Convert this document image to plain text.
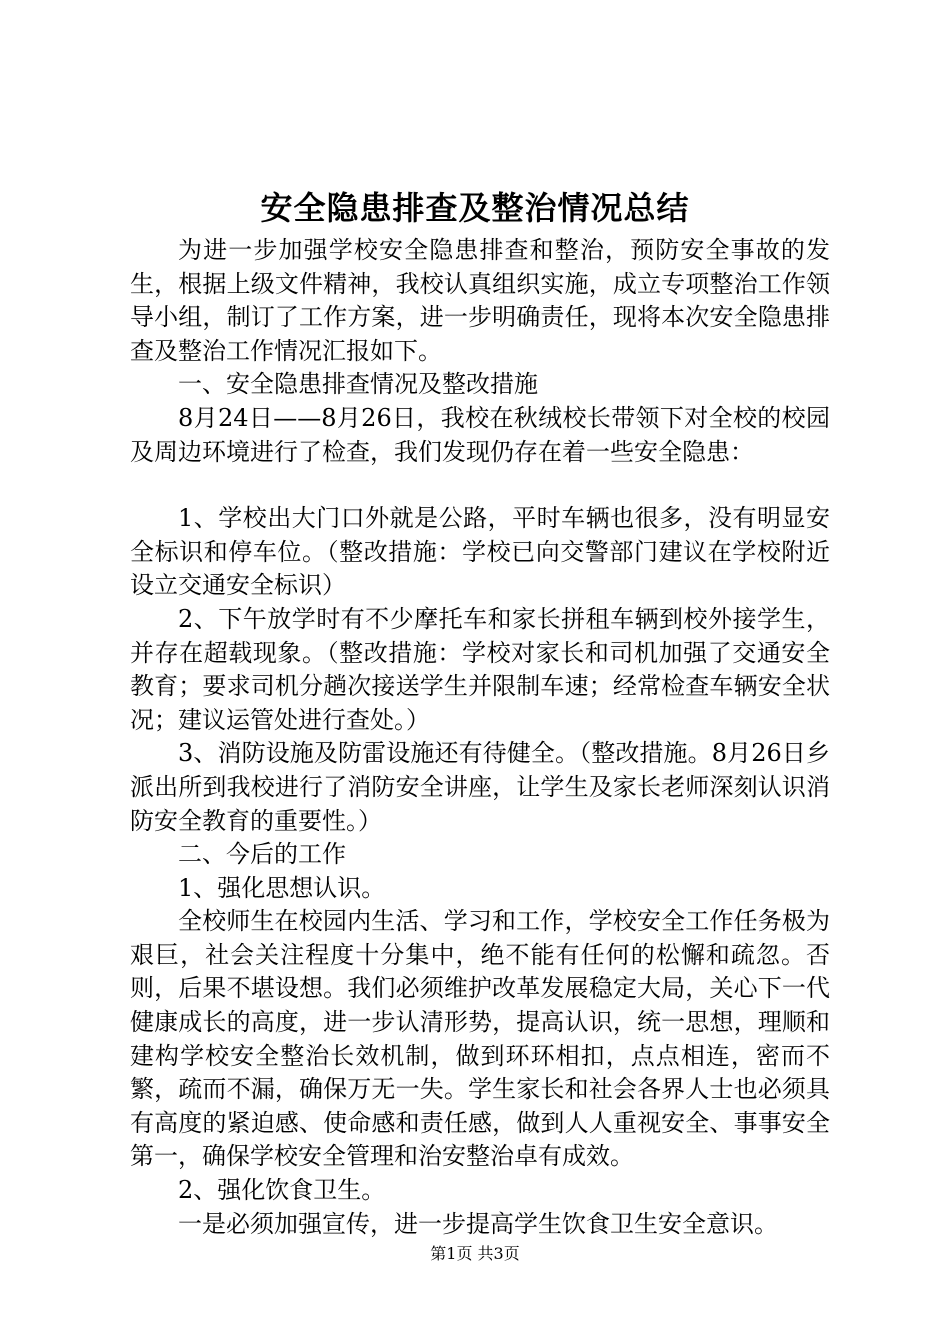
安全隐患排查及整治情况总结

为进一步加强学校安全隐患排查和整治，预防安全事故的发生，根据上级文件精神，我校认真组织实施，成立专项整治工作领导小组，制订了工作方案，进一步明确责任，现将本次安全隐患排查及整治工作情况汇报如下。

一、安全隐患排查情况及整改措施

8月24日——8月26日，我校在秋绒校长带领下对全校的校园及周边环境进行了检查，我们发现仍存在着一些安全隐患：

1、学校出大门口外就是公路，平时车辆也很多，没有明显安全标识和停车位。（整改措施：学校已向交警部门建议在学校附近设立交通安全标识）

2、下午放学时有不少摩托车和家长拼租车辆到校外接学生，并存在超载现象。（整改措施：学校对家长和司机加强了交通安全教育；要求司机分趟次接送学生并限制车速；经常检查车辆安全状况；建议运管处进行查处。）

3、消防设施及防雷设施还有待健全。（整改措施。8月26日乡派出所到我校进行了消防安全讲座，让学生及家长老师深刻认识消防安全教育的重要性。）

二、今后的工作

1、强化思想认识。

全校师生在校园内生活、学习和工作，学校安全工作任务极为艰巨，社会关注程度十分集中，绝不能有任何的松懈和疏忽。否则，后果不堪设想。我们必须维护改革发展稳定大局，关心下一代健康成长的高度，进一步认清形势，提高认识，统一思想，理顺和建构学校安全整治长效机制，做到环环相扣，点点相连，密而不繁，疏而不漏，确保万无一失。学生家长和社会各界人士也必须具有高度的紧迫感、使命感和责任感，做到人人重视安全、事事安全第一，确保学校安全管理和治安整治卓有成效。

2、强化饮食卫生。

一是必须加强宣传，进一步提高学生饮食卫生安全意识。

第1页 共3页
